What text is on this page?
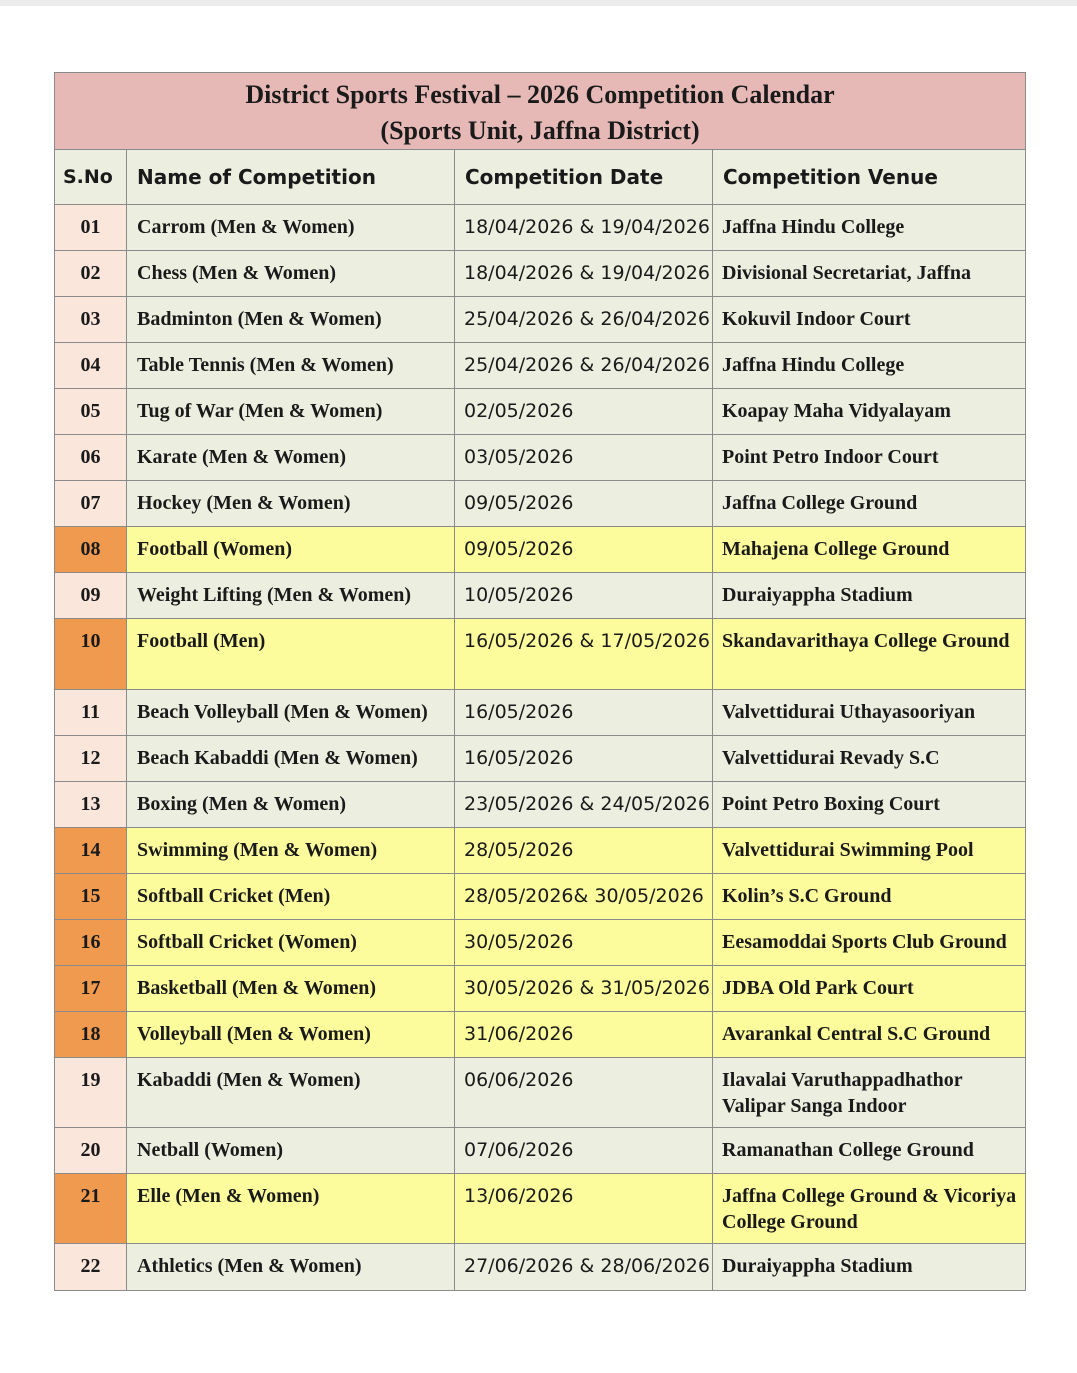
District Sports Festival – 2026 Competition Calendar
(Sports Unit, Jaffna District)			

S.No	Name of Competition	Competition Date	Competition Venue
01	Carrom (Men & Women)	18/04/2026 & 19/04/2026	Jaffna Hindu College
02	Chess (Men & Women)	18/04/2026 & 19/04/2026	Divisional Secretariat, Jaffna
03	Badminton (Men & Women)	25/04/2026 & 26/04/2026	Kokuvil Indoor Court
04	Table Tennis (Men & Women)	25/04/2026 & 26/04/2026	Jaffna Hindu College
05	Tug of War (Men & Women)	02/05/2026	Koapay Maha Vidyalayam
06	Karate (Men & Women)	03/05/2026	Point Petro Indoor Court
07	Hockey (Men & Women)	09/05/2026	Jaffna College Ground
08	Football (Women)	09/05/2026	Mahajena College Ground
09	Weight Lifting (Men & Women)	10/05/2026	Duraiyappha Stadium
10	Football (Men)	16/05/2026 & 17/05/2026	Skandavarithaya College Ground
11	Beach Volleyball (Men & Women)	16/05/2026	Valvettidurai Uthayasooriyan
12	Beach Kabaddi (Men & Women)	16/05/2026	Valvettidurai Revady S.C
13	Boxing (Men & Women)	23/05/2026 & 24/05/2026	Point Petro Boxing Court
14	Swimming (Men & Women)	28/05/2026	Valvettidurai Swimming Pool
15	Softball Cricket (Men)	28/05/2026& 30/05/2026	Kolin’s S.C Ground
16	Softball Cricket (Women)	30/05/2026	Eesamoddai Sports Club Ground
17	Basketball (Men & Women)	30/05/2026 & 31/05/2026	JDBA Old Park Court
18	Volleyball (Men & Women)	31/06/2026	Avarankal Central S.C Ground
19	Kabaddi (Men & Women)	06/06/2026	Ilavalai Varuthappadhathor Valipar Sanga Indoor
20	Netball (Women)	07/06/2026	Ramanathan College Ground
21	Elle (Men & Women)	13/06/2026	Jaffna College Ground & Vicoriya College Ground
22	Athletics (Men & Women)	27/06/2026 & 28/06/2026	Duraiyappha Stadium
